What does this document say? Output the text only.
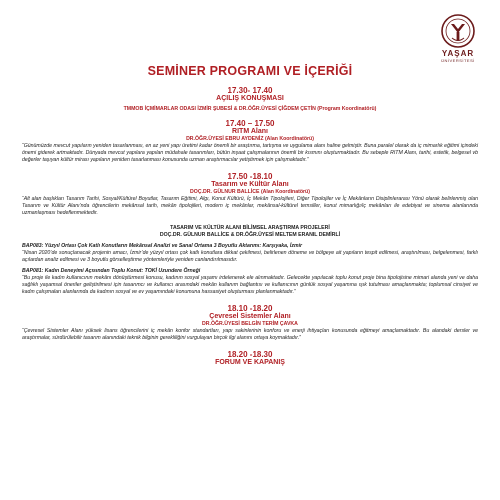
YAŞAR
ÜNİVERSİTESİ
SEMİNER PROGRAMI VE İÇERİĞİ
17.30- 17.40
AÇILIŞ KONUŞMASI
TMMOB İÇMİMARLAR ODASI İZMİR ŞUBESİ & DR.ÖĞR.ÜYESİ ÇİĞDEM ÇETİN (Program Koordinatörü)
17.40 – 17.50
RITM Alanı
DR.ÖĞR.ÜYESİ EBRU AYDENİZ (Alan Koordinatörü)
“Günümüzde mevcut yapıların yeniden tasarlanması, en az yeni yapı üretimi kadar önemli bir araştırma, tartışma ve uygulama alanı haline gelmiştir. Buna paralel olarak da iç mimarlık eğitimi içindeki önemi giderek artmaktadır. Dünyada mevcut yapılara yapılan müdahale tasarımları, bütün inşaat çalışmalarının önemli bir kısmını oluşturmaktadır. Bu sebeple RITM Alanı, tarihi, estetik, belgesel vb değerler taşıyan kültür mirası yapıların yeniden tasarlanması konusunda uzman araştırmacılar yetiştirmek için çalışmaktadır.”
17.50 -18.10
Tasarım ve Kültür Alanı
DOÇ.DR. GÜLNUR BALLİCE (Alan Koordinatörü)
“Alt alan başlıkları Tasarım Tarihi, Sosyal/Kültürel Boyutlar, Tasarım Eğitimi, Algı, Konut Kültürü, İç Mekân Tipolojileri, Diğer Tipolojiler ve İç Mekânların Disiplinlerarası Yönü olarak belirlenmiş olan Tasarım ve Kültür Alanı’nda öğrencilerin mekânsal tarih, mekân tipolojileri, modern iç mekânlar, mekânsal-kültürel temsiller, konut mimarlığı/iç mekânları ile edebiyat ve sinema alanlarında uzmanlaşması hedeflenmektedir.
TASARIM VE KÜLTÜR ALANI BİLİMSEL ARAŞTIRMA PROJELERİ
DOÇ.DR. GÜLNUR BALLİCE & DR.ÖĞR.ÜYESİ MELTEM ERANIL DEMİRLİ
BAP083: Yüzyıl Ortası Çok Katlı Konutların Mekânsal Analizi ve Sanal Ortama 3 Boyutlu Aktarımı: Karşıyaka, İzmir
“Nisan 2020’de sonuçlanacak projenin amacı, İzmir’de yüzyıl ortası çok katlı konutlara dikkat çekilmesi, belirlenen döneme ve bölgeye ait yapıların tespit edilmesi, araştırılması, belgelenmesi, farklı açılardan analiz edilmesi ve 3 boyutlu görselleştirme yöntemleriyle yeniden canlandırılmasıdır.
BAP081: Kadın Deneyimi Açısından Toplu Konut: TOKİ Uzundere Örneği
“Bu proje ile kadın kullanıcının mekânı dönüştürmesi konusu, kadının sosyal yaşamı irdelenerek ele alınmaktadır. Gelecekte yapılacak toplu konut proje bina tipolojisine mimari alanda yeni ve daha sağlıklı yaşamsal öneriler geliştirilmesi için tasarımcı ve kullanıcı arasındaki mekân kullanım bağlantısı ve kullanıcının günlük sosyal yaşamına ışık tutulması amaçlanmakta; toplumsal cinsiyet ve kadın çalışmaları alanlarında da kadının sosyal ve ev yaşamındaki konumuna hassasiyet oluşturması planlanmaktadır.”
18.10 -18.20
Çevresel Sistemler Alanı
DR.ÖĞR.ÜYESİ BELGİN TERİM ÇAVKA
“Çevresel Sistemler Alanı yüksek lisans öğrencilerini iç mekân konfor standartları, yapı sakinlerinin konforu ve enerji ihtiyaçları konusunda eğitmeyi amaçlamaktadır. Bu alandaki dersler ve araştırmalar, sürdürülebilir tasarım alanındaki teknik bilginin gerekliliğini vurgulayan birçok ilgi alanını ortaya koymaktadır.”
18.20 -18.30
FORUM VE KAPANIŞ
